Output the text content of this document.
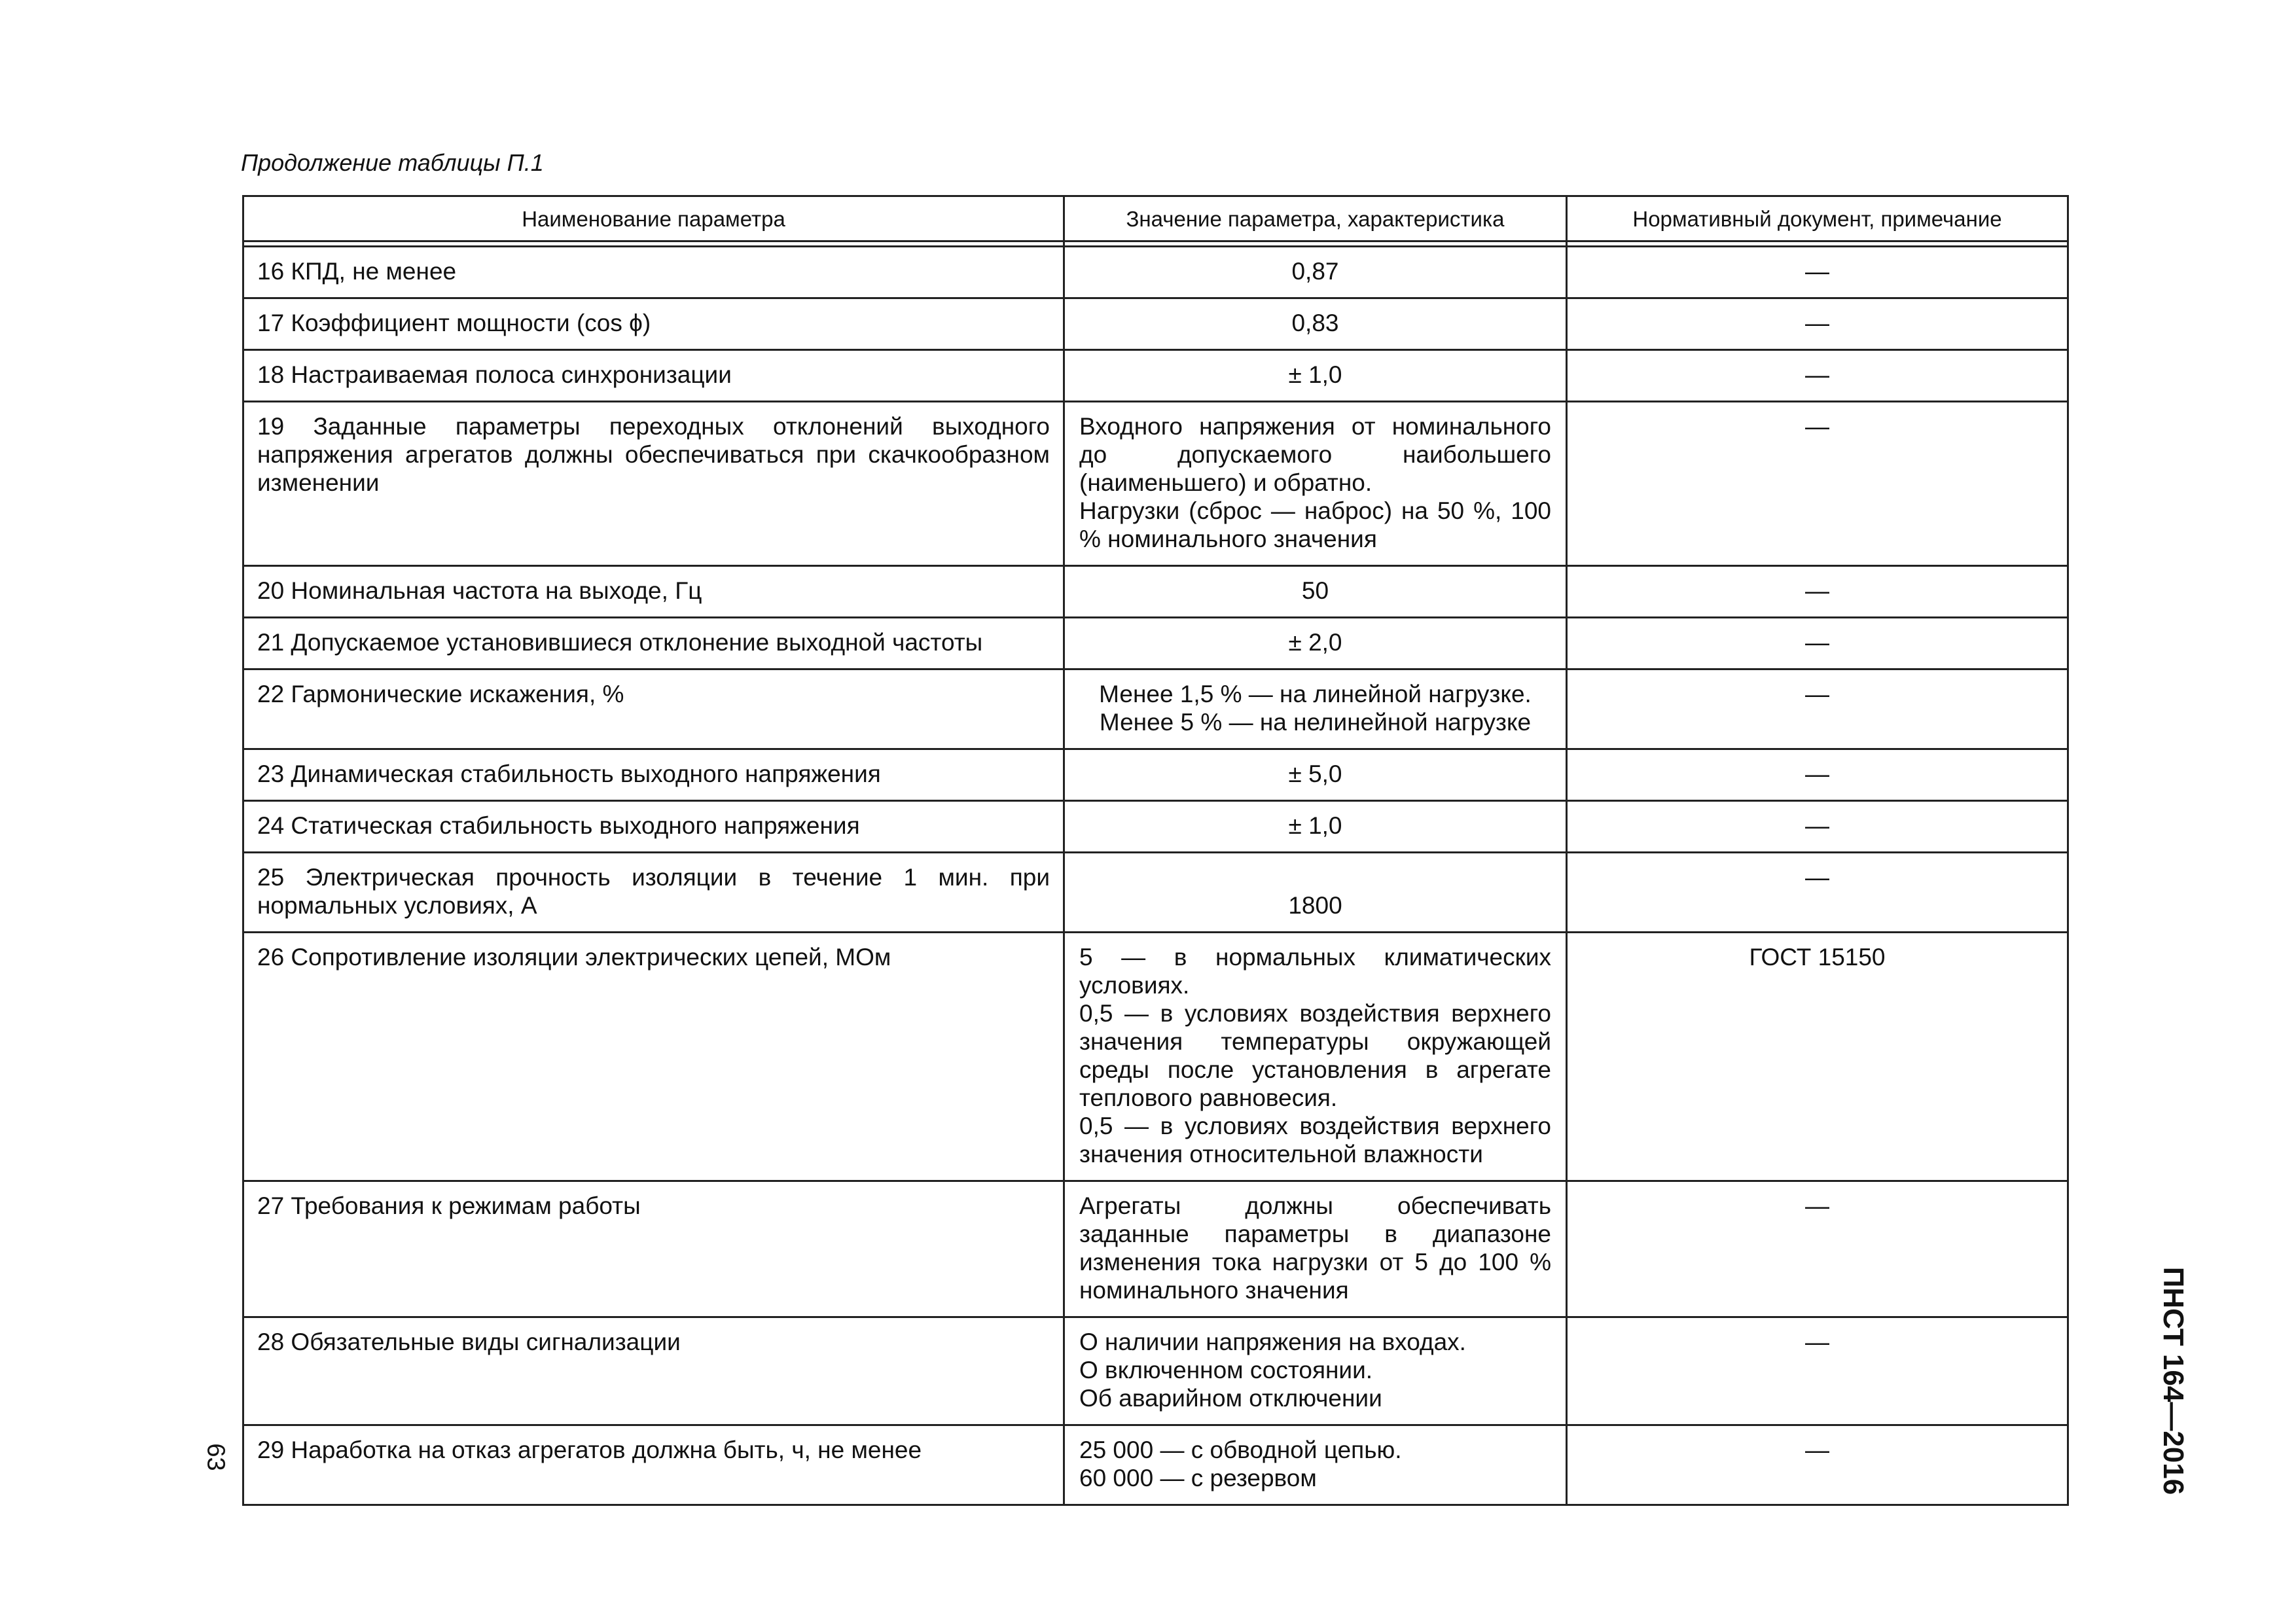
Продолжение таблицы П.1
Наименование параметра	Значение параметра, характеристика	Нормативный документ, примечание

16 КПД, не менее	0,87	—
17 Коэффициент мощности (cos ϕ)	0,83	—
18 Настраиваемая полоса синхронизации	± 1,0	—
19 Заданные параметры переходных отклонений выходного напряжения агрегатов должны обеспечиваться при скачкообразном изменении	Входного напряжения от номинального до допускаемого наибольшего (наименьшего) и обратно.
Нагрузки (сброс — наброс) на 50 %, 100 % номинального значения	—
20 Номинальная частота на выходе, Гц	50	—
21 Допускаемое установившиеся отклонение выходной частоты	± 2,0	—
22 Гармонические искажения, %	Менее 1,5 % — на линейной нагрузке.
Менее 5 % — на нелинейной нагрузке	—
23 Динамическая стабильность выходного напряжения	± 5,0	—
24 Статическая стабильность выходного напряжения	± 1,0	—
25 Электрическая прочность изоляции в течение 1 мин. при нормальных условиях, А	1800	—
26 Сопротивление изоляции электрических цепей, МОм	5 — в нормальных климатических условиях.
0,5 — в условиях воздействия верхнего значения температуры окружающей среды после установления в агрегате теплового равновесия.
0,5 — в условиях воздействия верхнего значения относительной влажности	ГОСТ 15150
27 Требования к режимам работы	Агрегаты должны обеспечивать заданные параметры в диапазоне изменения тока нагрузки от 5 до 100 % номинального значения	—
28 Обязательные виды сигнализации	О наличии напряжения на входах.
О включенном состоянии.
Об аварийном отключении	—
29 Наработка на отказ агрегатов должна быть, ч, не менее	25 000 — с обводной цепью.
60 000 — с резервом	—
63	ПНСТ 164—2016
